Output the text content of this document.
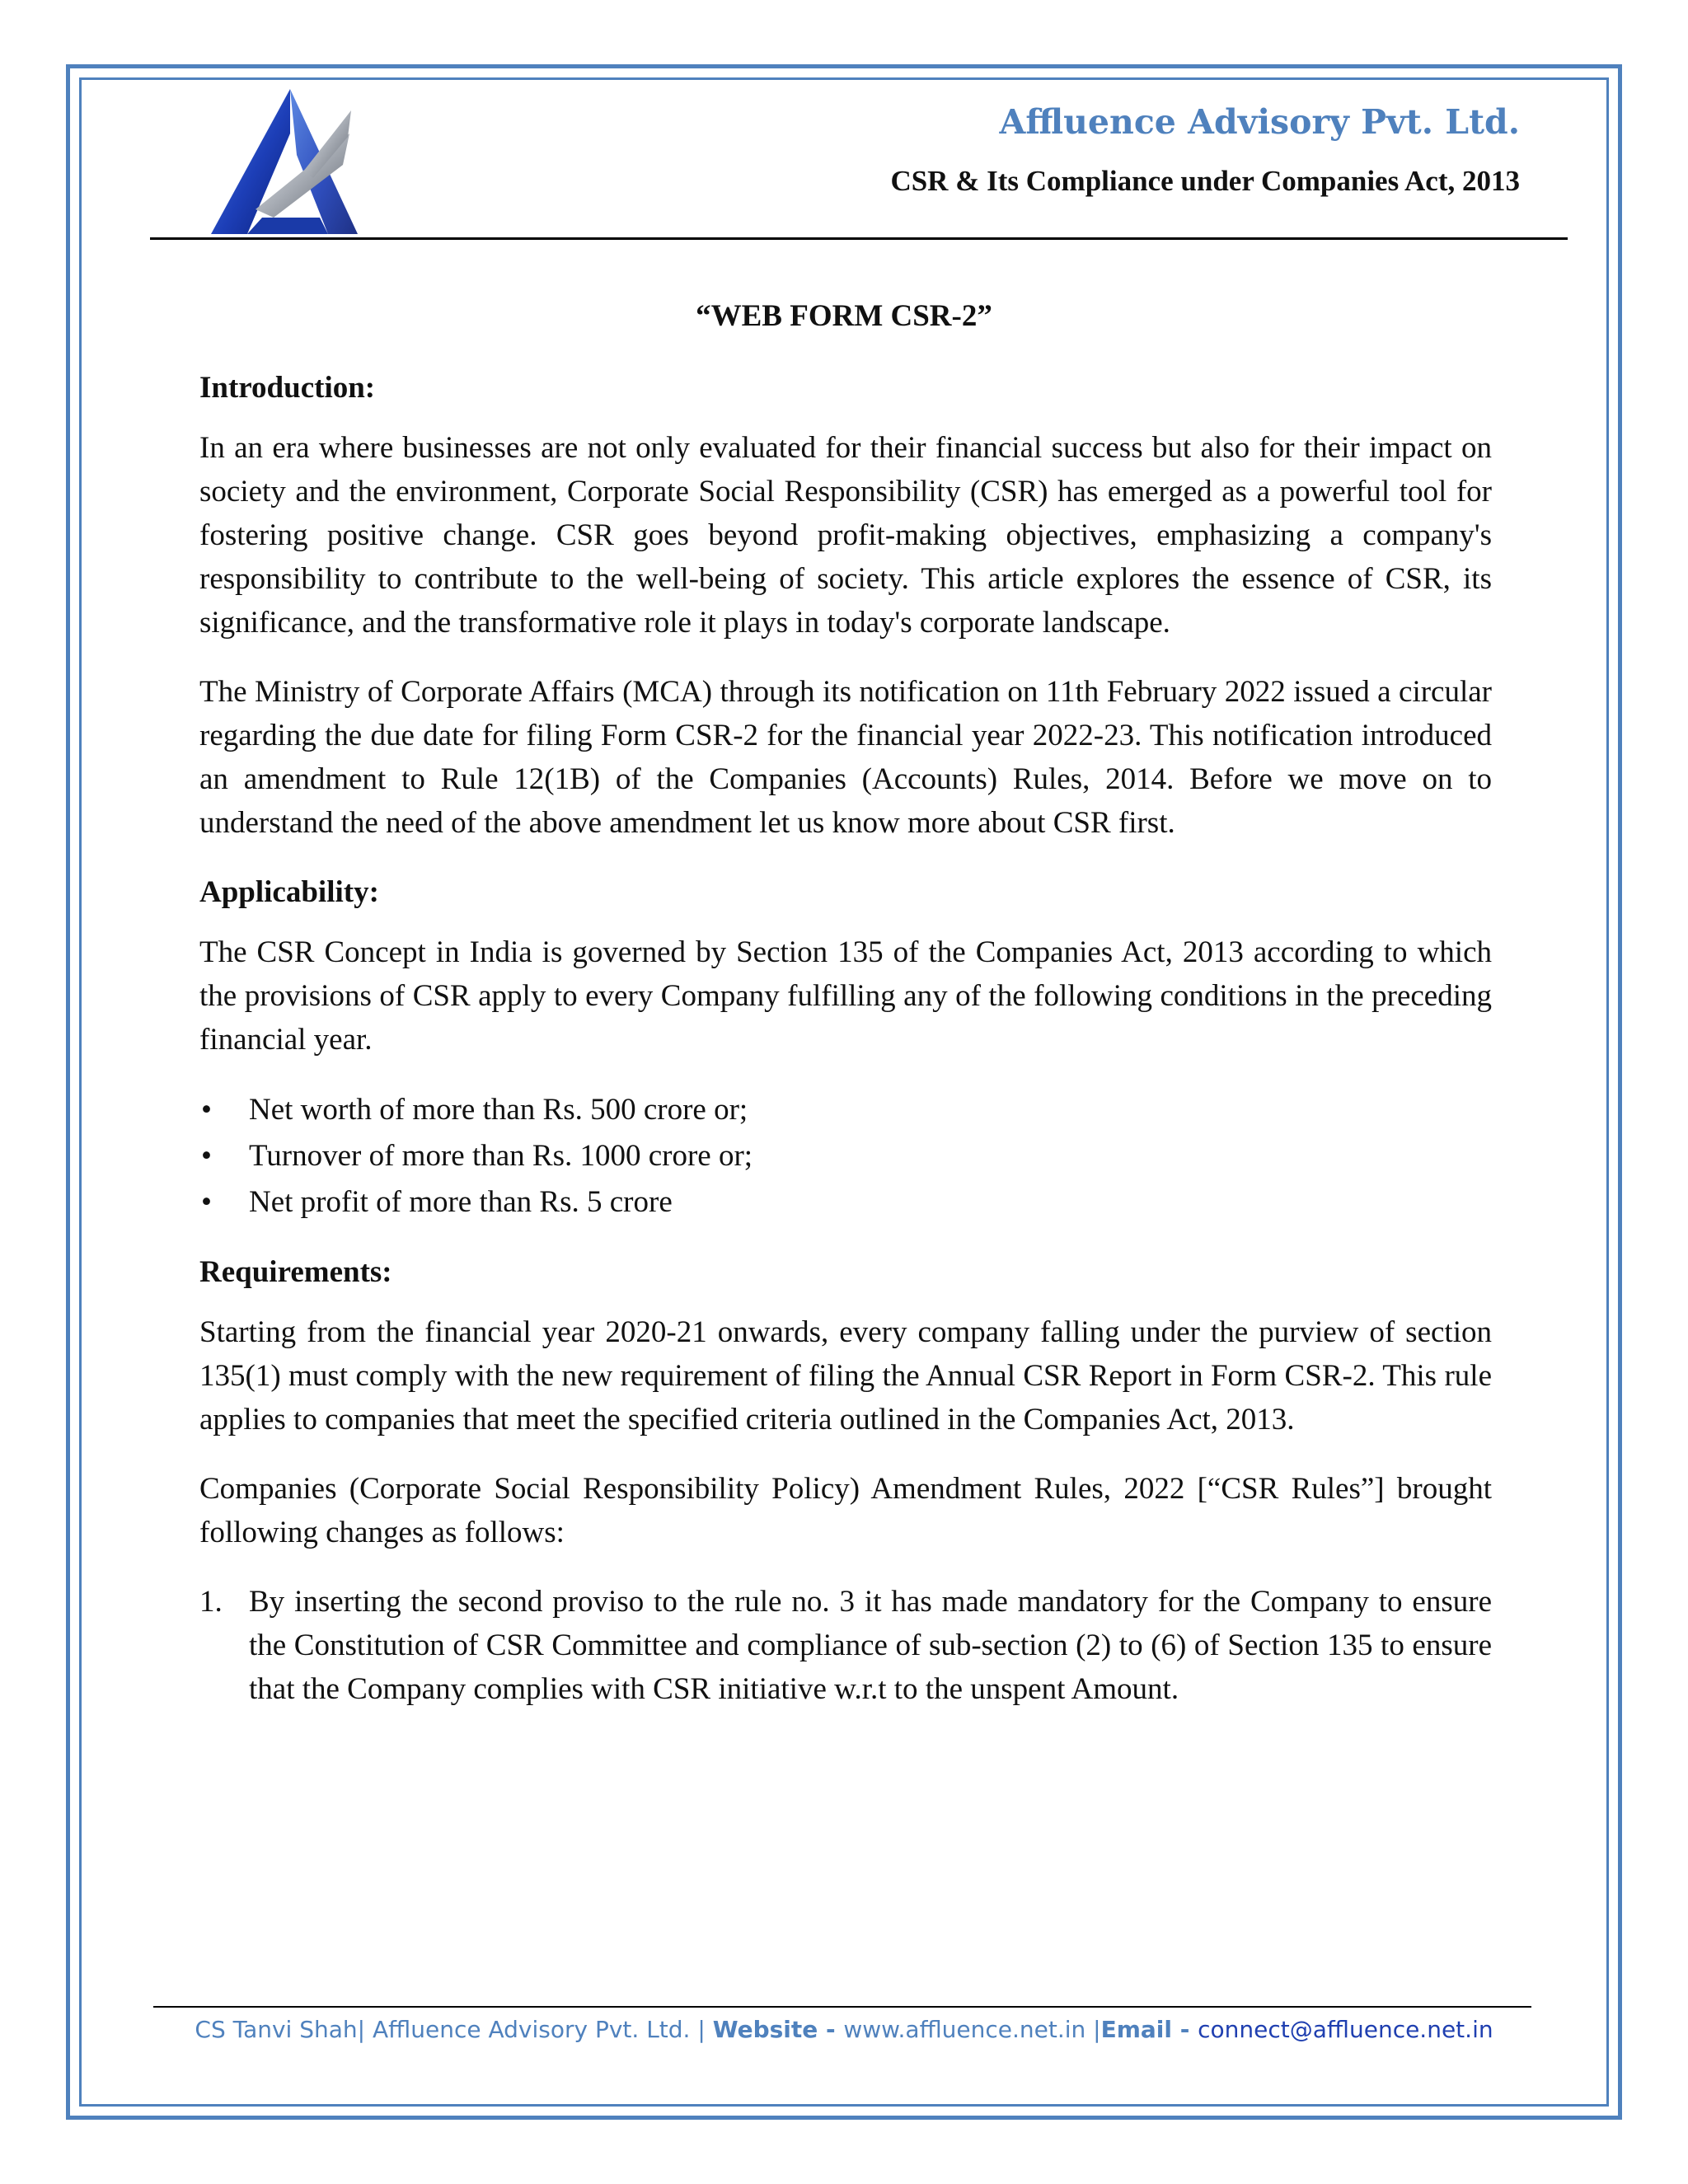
Affluence Advisory Pvt. Ltd.
CSR & Its Compliance under Companies Act, 2013
“WEB FORM CSR-2”
Introduction:

In an era where businesses are not only evaluated for their financial success but also for their impact on society and the environment, Corporate Social Responsibility (CSR) has emerged as a powerful tool for fostering positive change. CSR goes beyond profit-making objectives, emphasizing a company's responsibility to contribute to the well-being of society. This article explores the essence of CSR, its significance, and the transformative role it plays in today's corporate landscape.

The Ministry of Corporate Affairs (MCA) through its notification on 11th February 2022 issued a circular regarding the due date for filing Form CSR-2 for the financial year 2022-23. This notification introduced an amendment to Rule 12(1B) of the Companies (Accounts) Rules, 2014. Before we move on to understand the need of the above amendment let us know more about CSR first.

Applicability:

The CSR Concept in India is governed by Section 135 of the Companies Act, 2013 according to which the provisions of CSR apply to every Company fulfilling any of the following conditions in the preceding financial year.

• Net worth of more than Rs. 500 crore or;
• Turnover of more than Rs. 1000 crore or;
• Net profit of more than Rs. 5 crore
Requirements:

Starting from the financial year 2020-21 onwards, every company falling under the purview of section 135(1) must comply with the new requirement of filing the Annual CSR Report in Form CSR-2. This rule applies to companies that meet the specified criteria outlined in the Companies Act, 2013.

Companies (Corporate Social Responsibility Policy) Amendment Rules, 2022 [“CSR Rules”] brought following changes as follows:

1. By inserting the second proviso to the rule no. 3 it has made mandatory for the Company to ensure the Constitution of CSR Committee and compliance of sub-section (2) to (6) of Section 135 to ensure that the Company complies with CSR initiative w.r.t to the unspent Amount.
CS Tanvi Shah| Affluence Advisory Pvt. Ltd. | Website - www.affluence.net.in |Email - connect@affluence.net.in
